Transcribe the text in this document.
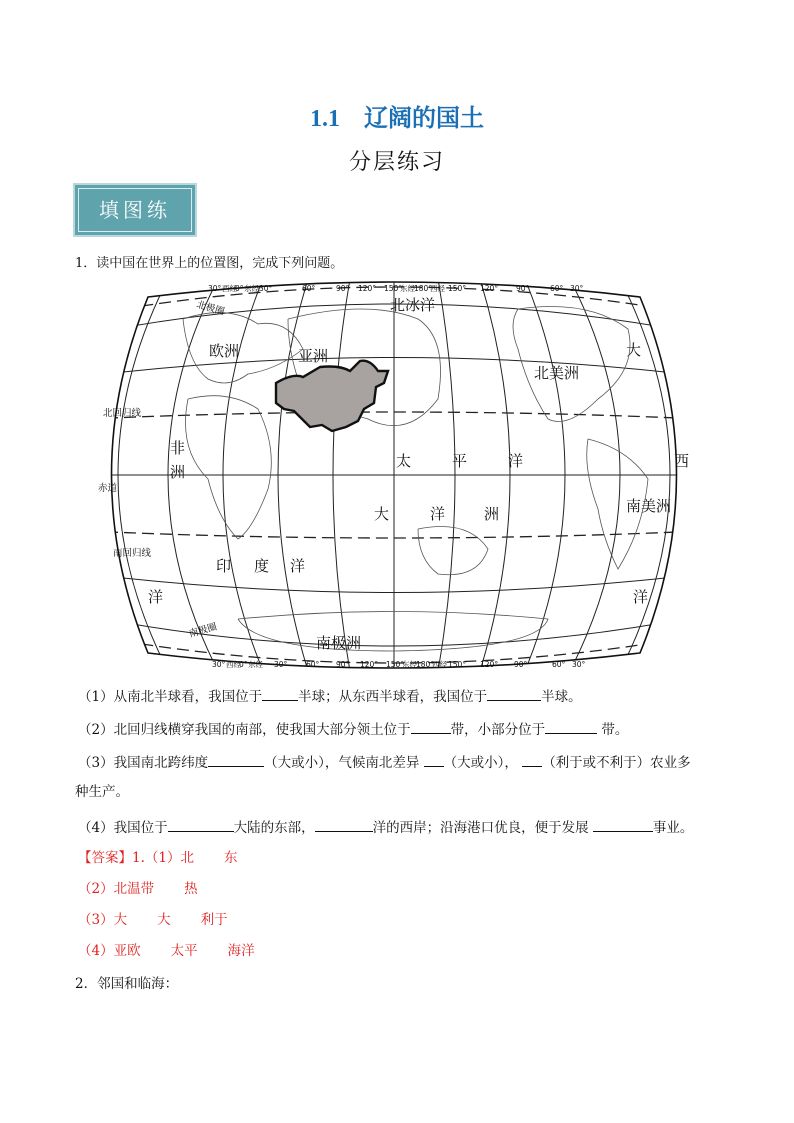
1.1 辽阔的国土
分层练习
填图练
1．读中国在世界上的位置图，完成下列问题。
北冰洋
欧洲	亚洲
北美洲
大
非
洲
太	平	洋	西
南美洲
大	洋	洲
印 度 洋
洋	洋
南极洲
北极圈
北回归线
赤道
南回归线
南极圈
30° 西经
0° 东经 30°	60°	90° 120° 150°
东经 180°
西经 150° 120° 90°	60° 30°
30° 西经
0° 东经 30° 60° 90° 120° 150°
东经 180°
西经 150° 120° 90°	60° 30°
（1）从南北半球看，我国位于	半球；从东西半球看，我国位于	半球。
（2）北回归线横穿我国的南部，使我国大部分领土位于	带，小部分位于	带。
（3）我国南北跨纬度	（大或小），气候南北差异 （大或小）， （利于或不利于）农业多
种生产。
（4）我国位于	大陆的东部，	洋的西岸；沿海港口优良，便于发展	事业。
【答案】1.（1）北 东
（2）北温带 热
（3）大 大 利于
（4）亚欧 太平 海洋
2．邻国和临海：
